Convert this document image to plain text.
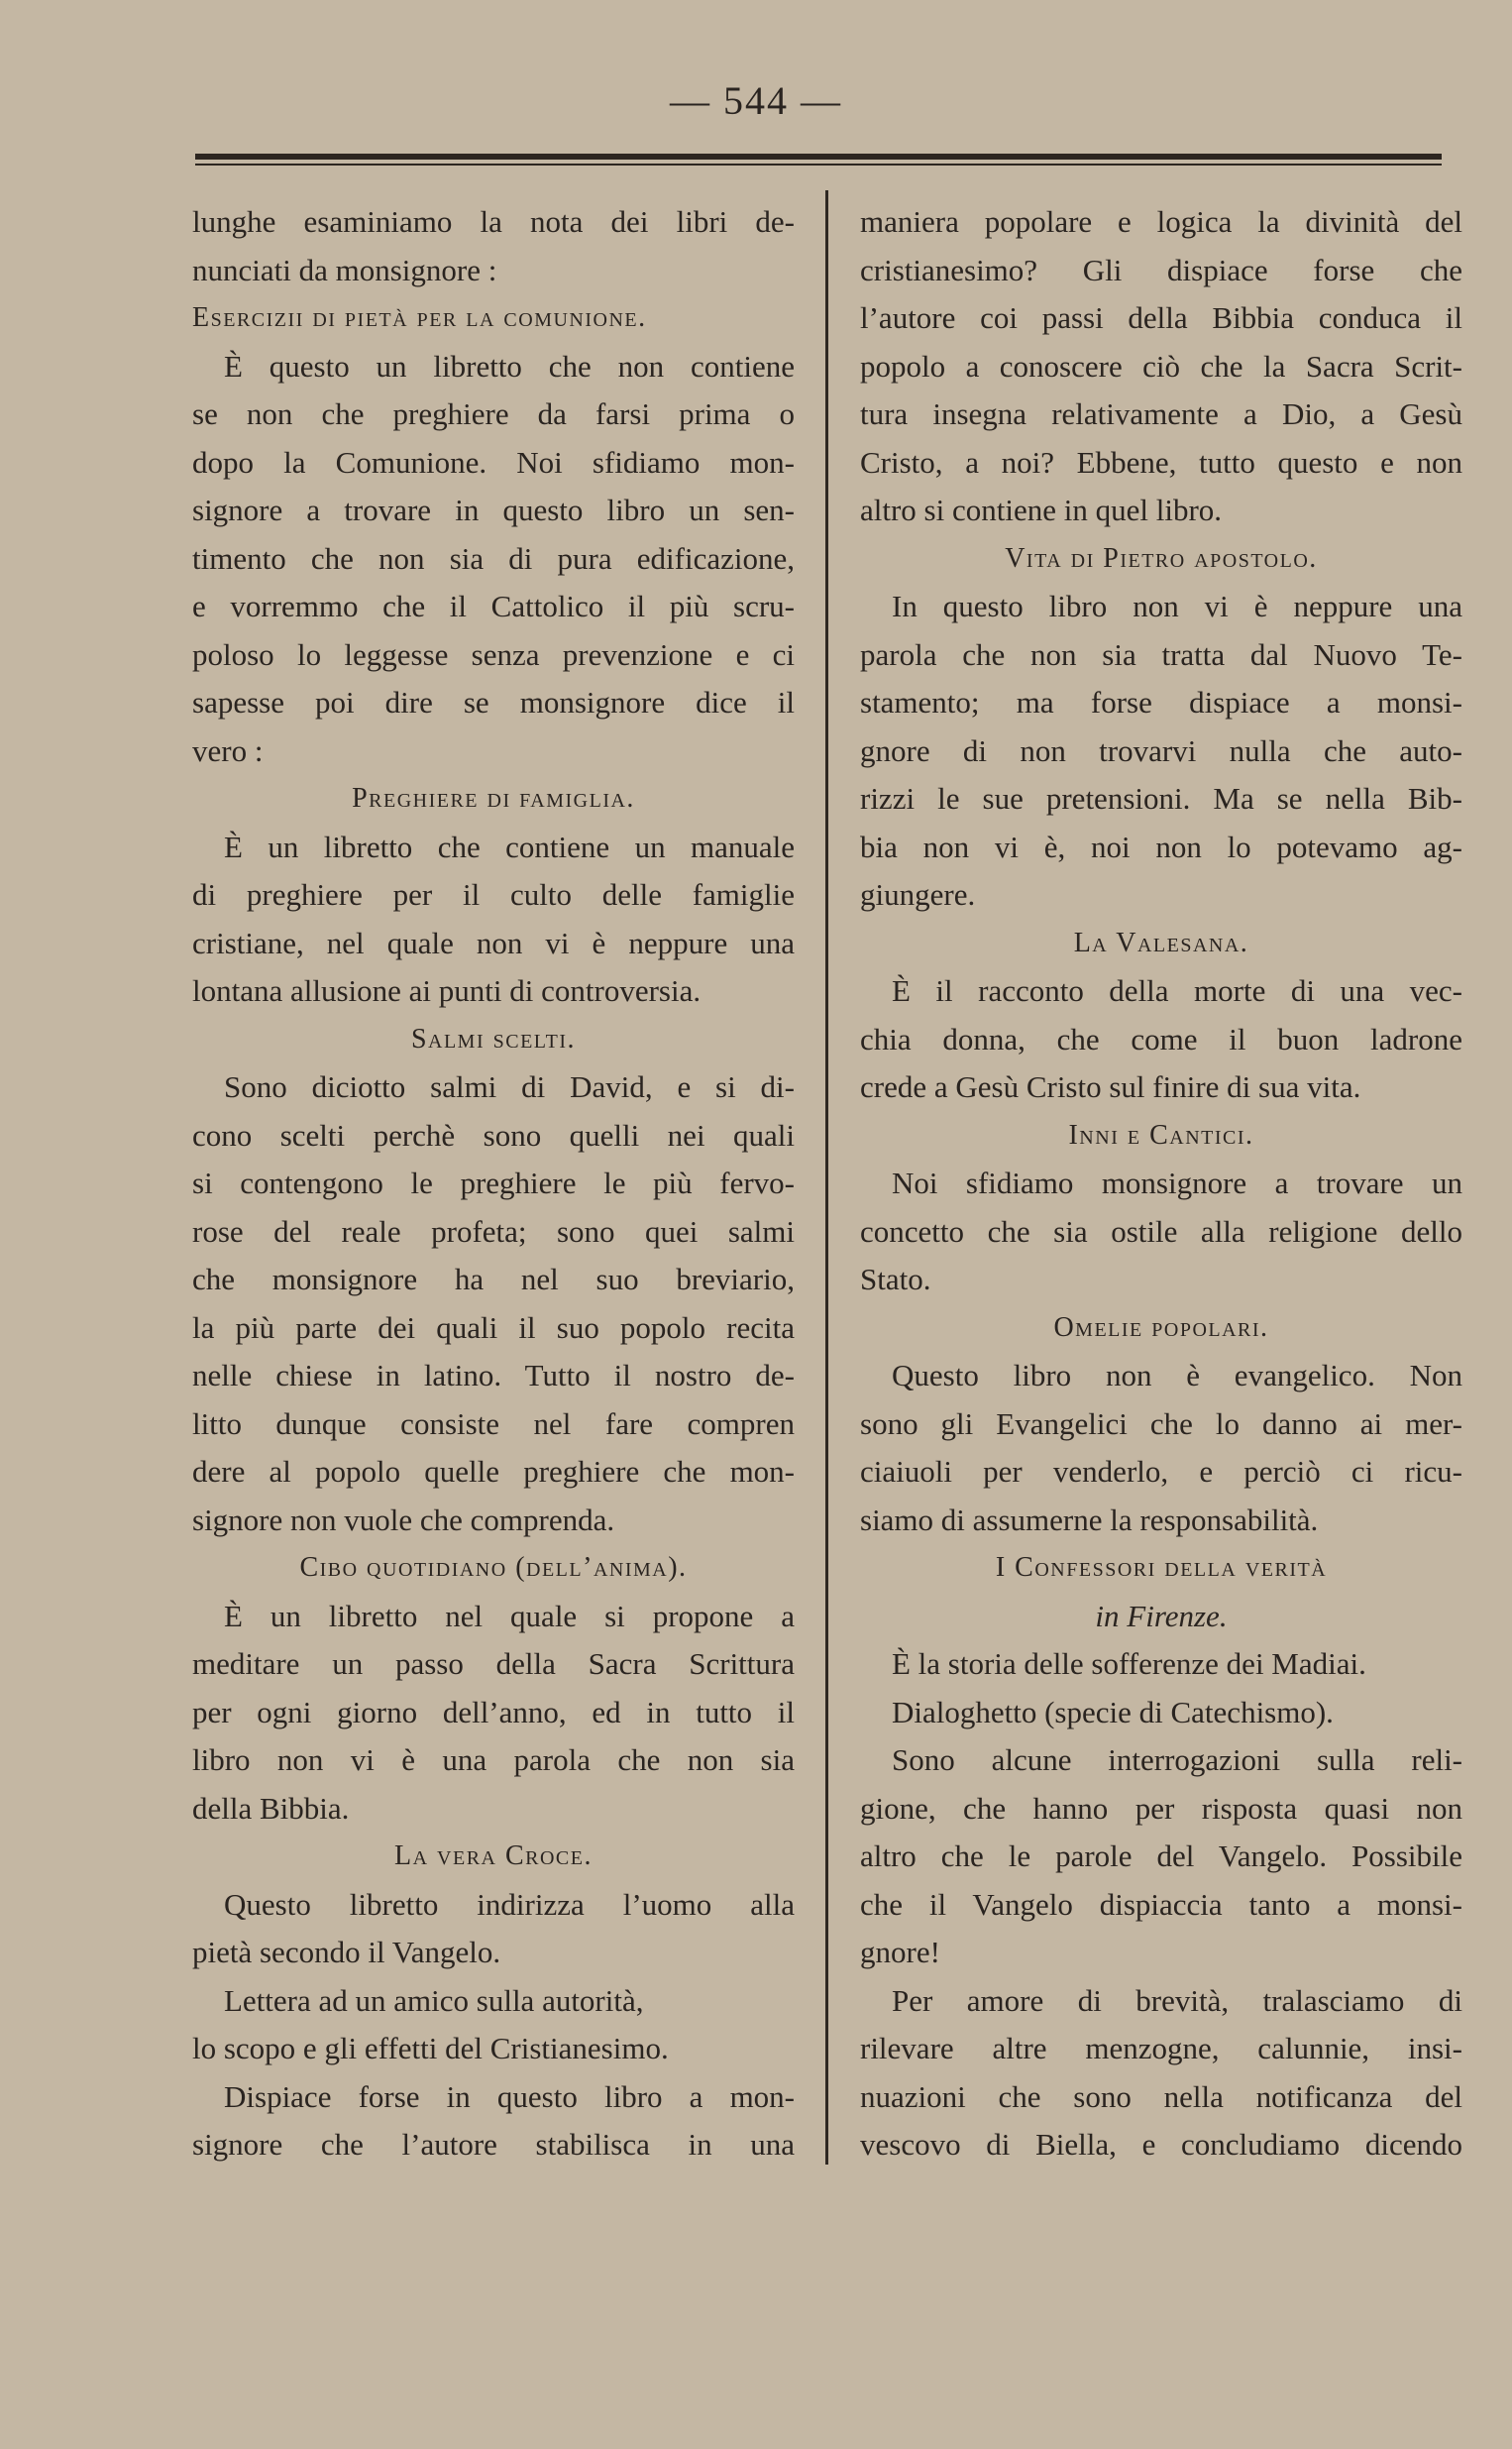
— 544 —
lunghe esaminiamo la nota dei libri de-
nunciati da monsignore :
Esercizii di pietà per la comunione.
È questo un libretto che non contiene
se non che preghiere da farsi prima o
dopo la Comunione. Noi sfidiamo mon-
signore a trovare in questo libro un sen-
timento che non sia di pura edificazione,
e vorremmo che il Cattolico il più scru-
poloso lo leggesse senza prevenzione e ci
sapesse poi dire se monsignore dice il
vero :
Preghiere di famiglia.
È un libretto che contiene un manuale
di preghiere per il culto delle famiglie
cristiane, nel quale non vi è neppure una
lontana allusione ai punti di controversia.
Salmi scelti.
Sono diciotto salmi di David, e si di-
cono scelti perchè sono quelli nei quali
si contengono le preghiere le più fervo-
rose del reale profeta; sono quei salmi
che monsignore ha nel suo breviario,
la più parte dei quali il suo popolo recita
nelle chiese in latino. Tutto il nostro de-
litto dunque consiste nel fare compren
dere al popolo quelle preghiere che mon-
signore non vuole che comprenda.
Cibo quotidiano (dell’anima).
È un libretto nel quale si propone a
meditare un passo della Sacra Scrittura
per ogni giorno dell’anno, ed in tutto il
libro non vi è una parola che non sia
della Bibbia.
La vera Croce.
Questo libretto indirizza l’uomo alla
pietà secondo il Vangelo.
Lettera ad un amico sulla autorità,
lo scopo e gli effetti del Cristianesimo.
Dispiace forse in questo libro a mon-
signore che l’autore stabilisca in una
maniera popolare e logica la divinità del
cristianesimo? Gli dispiace forse che
l’autore coi passi della Bibbia conduca il
popolo a conoscere ciò che la Sacra Scrit-
tura insegna relativamente a Dio, a Gesù
Cristo, a noi? Ebbene, tutto questo e non
altro si contiene in quel libro.
Vita di Pietro apostolo.
In questo libro non vi è neppure una
parola che non sia tratta dal Nuovo Te-
stamento; ma forse dispiace a monsi-
gnore di non trovarvi nulla che auto-
rizzi le sue pretensioni. Ma se nella Bib-
bia non vi è, noi non lo potevamo ag-
giungere.
La Valesana.
È il racconto della morte di una vec-
chia donna, che come il buon ladrone
crede a Gesù Cristo sul finire di sua vita.
Inni e Cantici.
Noi sfidiamo monsignore a trovare un
concetto che sia ostile alla religione dello
Stato.
Omelie popolari.
Questo libro non è evangelico. Non
sono gli Evangelici che lo danno ai mer-
ciaiuoli per venderlo, e perciò ci ricu-
siamo di assumerne la responsabilità.
I Confessori della verità
in Firenze.
È la storia delle sofferenze dei Madiai.
Dialoghetto (specie di Catechismo).
Sono alcune interrogazioni sulla reli-
gione, che hanno per risposta quasi non
altro che le parole del Vangelo. Possibile
che il Vangelo dispiaccia tanto a monsi-
gnore!
Per amore di brevità, tralasciamo di
rilevare altre menzogne, calunnie, insi-
nuazioni che sono nella notificanza del
vescovo di Biella, e concludiamo dicendo
